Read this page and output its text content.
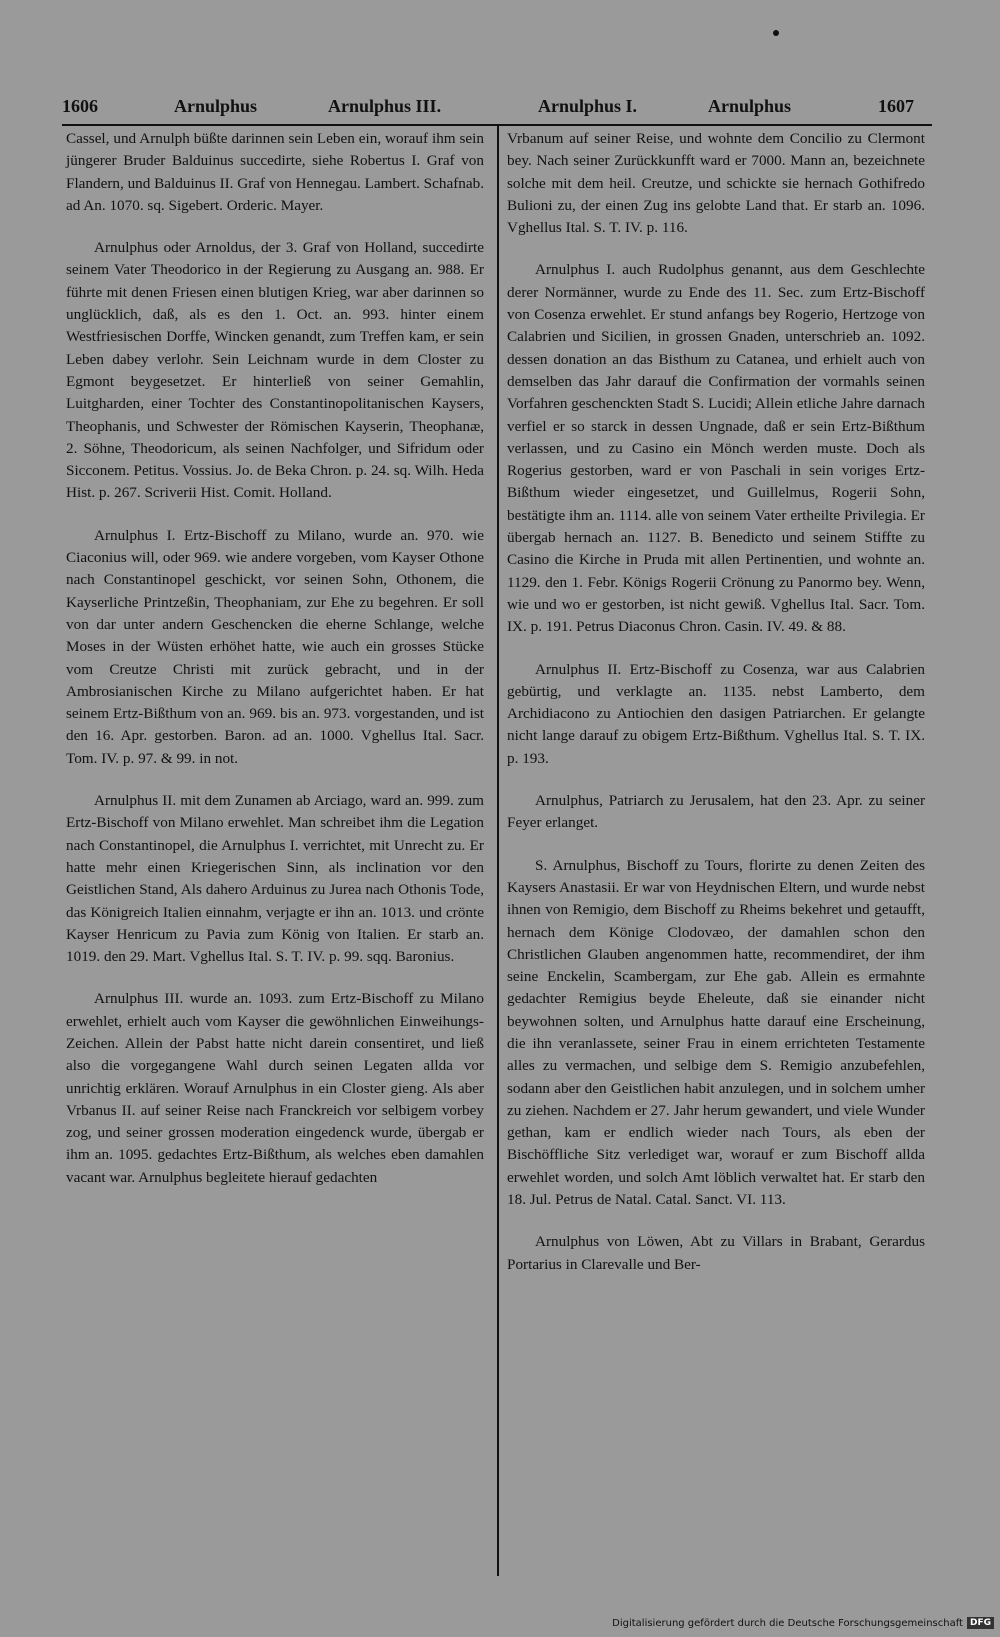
1606	Arnulphus	Arnulphus III.	Arnulphus I.	Arnulphus	1607

Cassel, und Arnulph büßte darinnen sein Leben ein, worauf ihm sein jüngerer Bruder Balduinus succedirte, siehe Robertus I. Graf von Flandern, und Balduinus II. Graf von Hennegau. Lambert. Schafnab. ad An. 1070. sq. Sigebert. Orderic. Mayer.

Arnulphus oder Arnoldus, der 3. Graf von Holland, succedirte seinem Vater Theodorico in der Regierung zu Ausgang an. 988. Er führte mit denen Friesen einen blutigen Krieg, war aber darinnen so unglücklich, daß, als es den 1. Oct. an. 993. hinter einem Westfriesischen Dorffe, Wincken genandt, zum Treffen kam, er sein Leben dabey verlohr. Sein Leichnam wurde in dem Closter zu Egmont beygesetzet. Er hinterließ von seiner Gemahlin, Luitgharden, einer Tochter des Constantinopolitanischen Kaysers, Theophanis, und Schwester der Römischen Kayserin, Theophanæ, 2. Söhne, Theodoricum, als seinen Nachfolger, und Sifridum oder Sicconem. Petitus. Vossius. Jo. de Beka Chron. p. 24. sq. Wilh. Heda Hist. p. 267. Scriverii Hist. Comit. Holland.

Arnulphus I. Ertz-Bischoff zu Milano, wurde an. 970. wie Ciaconius will, oder 969. wie andere vorgeben, vom Kayser Othone nach Constantinopel geschickt, vor seinen Sohn, Othonem, die Kayserliche Printzeßin, Theophaniam, zur Ehe zu begehren. Er soll von dar unter andern Geschencken die eherne Schlange, welche Moses in der Wüsten erhöhet hatte, wie auch ein grosses Stücke vom Creutze Christi mit zurück gebracht, und in der Ambrosianischen Kirche zu Milano aufgerichtet haben. Er hat seinem Ertz-Bißthum von an. 969. bis an. 973. vorgestanden, und ist den 16. Apr. gestorben. Baron. ad an. 1000. Vghellus Ital. Sacr. Tom. IV. p. 97. & 99. in not.

Arnulphus II. mit dem Zunamen ab Arciago, ward an. 999. zum Ertz-Bischoff von Milano erwehlet. Man schreibet ihm die Legation nach Constantinopel, die Arnulphus I. verrichtet, mit Unrecht zu. Er hatte mehr einen Kriegerischen Sinn, als inclination vor den Geistlichen Stand, Als dahero Arduinus zu Jurea nach Othonis Tode, das Königreich Italien einnahm, verjagte er ihn an. 1013. und crönte Kayser Henricum zu Pavia zum König von Italien. Er starb an. 1019. den 29. Mart. Vghellus Ital. S. T. IV. p. 99. sqq. Baronius.

Arnulphus III. wurde an. 1093. zum Ertz-Bischoff zu Milano erwehlet, erhielt auch vom Kayser die gewöhnlichen Einweihungs-Zeichen. Allein der Pabst hatte nicht darein consentiret, und ließ also die vorgegangene Wahl durch seinen Legaten allda vor unrichtig erklären. Worauf Arnulphus in ein Closter gieng. Als aber Vrbanus II. auf seiner Reise nach Franckreich vor selbigem vorbey zog, und seiner grossen moderation eingedenck wurde, übergab er ihm an. 1095. gedachtes Ertz-Bißthum, als welches eben damahlen vacant war. Arnulphus begleitete hierauf gedachten

Vrbanum auf seiner Reise, und wohnte dem Concilio zu Clermont bey. Nach seiner Zurückkunfft ward er 7000. Mann an, bezeichnete solche mit dem heil. Creutze, und schickte sie hernach Gothifredo Bulioni zu, der einen Zug ins gelobte Land that. Er starb an. 1096. Vghellus Ital. S. T. IV. p. 116.

Arnulphus I. auch Rudolphus genannt, aus dem Geschlechte derer Normänner, wurde zu Ende des 11. Sec. zum Ertz-Bischoff von Cosenza erwehlet. Er stund anfangs bey Rogerio, Hertzoge von Calabrien und Sicilien, in grossen Gnaden, unterschrieb an. 1092. dessen donation an das Bisthum zu Catanea, und erhielt auch von demselben das Jahr darauf die Confirmation der vormahls seinen Vorfahren geschenckten Stadt S. Lucidi; Allein etliche Jahre darnach verfiel er so starck in dessen Ungnade, daß er sein Ertz-Bißthum verlassen, und zu Casino ein Mönch werden muste. Doch als Rogerius gestorben, ward er von Paschali in sein voriges Ertz-Bißthum wieder eingesetzet, und Guillelmus, Rogerii Sohn, bestätigte ihm an. 1114. alle von seinem Vater ertheilte Privilegia. Er übergab hernach an. 1127. B. Benedicto und seinem Stiffte zu Casino die Kirche in Pruda mit allen Pertinentien, und wohnte an. 1129. den 1. Febr. Königs Rogerii Crönung zu Panormo bey. Wenn, wie und wo er gestorben, ist nicht gewiß. Vghellus Ital. Sacr. Tom. IX. p. 191. Petrus Diaconus Chron. Casin. IV. 49. & 88.

Arnulphus II. Ertz-Bischoff zu Cosenza, war aus Calabrien gebürtig, und verklagte an. 1135. nebst Lamberto, dem Archidiacono zu Antiochien den dasigen Patriarchen. Er gelangte nicht lange darauf zu obigem Ertz-Bißthum. Vghellus Ital. S. T. IX. p. 193.

Arnulphus, Patriarch zu Jerusalem, hat den 23. Apr. zu seiner Feyer erlanget.

S. Arnulphus, Bischoff zu Tours, florirte zu denen Zeiten des Kaysers Anastasii. Er war von Heydnischen Eltern, und wurde nebst ihnen von Remigio, dem Bischoff zu Rheims bekehret und getaufft, hernach dem Könige Clodovæo, der damahlen schon den Christlichen Glauben angenommen hatte, recommendiret, der ihm seine Enckelin, Scambergam, zur Ehe gab. Allein es ermahnte gedachter Remigius beyde Eheleute, daß sie einander nicht beywohnen solten, und Arnulphus hatte darauf eine Erscheinung, die ihn veranlassete, seiner Frau in einem errichteten Testamente alles zu vermachen, und selbige dem S. Remigio anzubefehlen, sodann aber den Geistlichen habit anzulegen, und in solchem umher zu ziehen. Nachdem er 27. Jahr herum gewandert, und viele Wunder gethan, kam er endlich wieder nach Tours, als eben der Bischöffliche Sitz verlediget war, worauf er zum Bischoff allda erwehlet worden, und solch Amt löblich verwaltet hat. Er starb den 18. Jul. Petrus de Natal. Catal. Sanct. VI. 113.

Arnulphus von Löwen, Abt zu Villars in Brabant, Gerardus Portarius in Clarevalle und Ber-

Digitalisierung gefördert durch die Deutsche Forschungsgemeinschaft DFG
